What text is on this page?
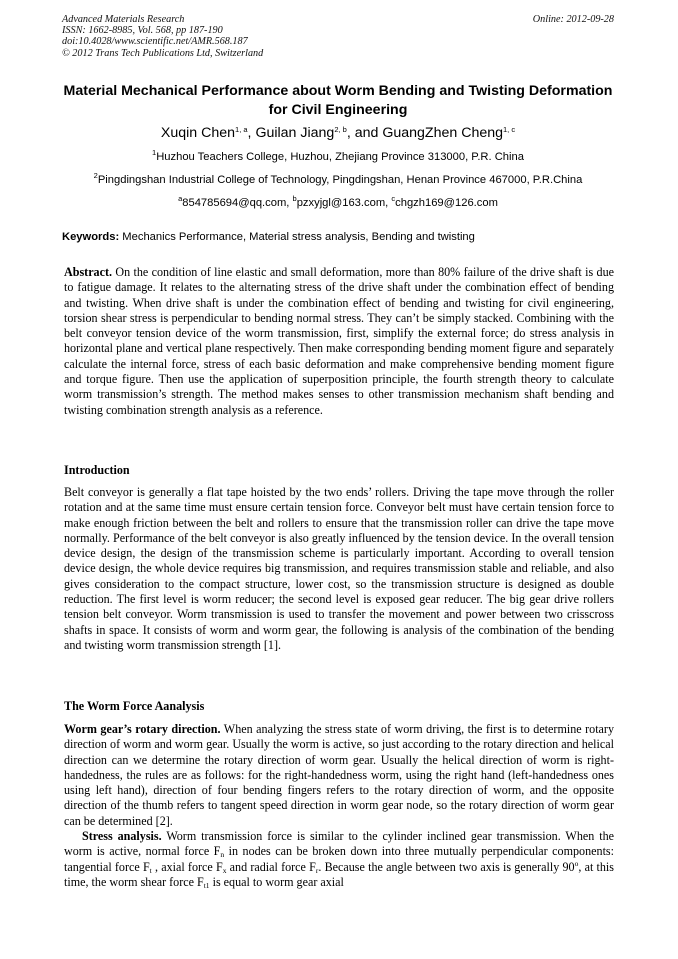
Advanced Materials Research
ISSN: 1662-8985, Vol. 568, pp 187-190
doi:10.4028/www.scientific.net/AMR.568.187
© 2012 Trans Tech Publications Ltd, Switzerland
Online: 2012-09-28
Material Mechanical Performance about Worm Bending and Twisting Deformation for Civil Engineering
Xuqin Chen$^{1, a}$, Guilan Jiang$^{2, b}$, and GuangZhen Cheng$^{1, c}$
$^1$Huzhou Teachers College, Huzhou, Zhejiang Province 313000, P.R. China
$^2$Pingdingshan Industrial College of Technology, Pingdingshan, Henan Province 467000, P.R.China
$^a$854785694@qq.com, $^b$pzxyjgl@163.com, $^c$chgzh169@126.com
Keywords: Mechanics Performance, Material stress analysis, Bending and twisting

Abstract. On the condition of line elastic and small deformation, more than 80% failure of the drive shaft is due to fatigue damage. It relates to the alternating stress of the drive shaft under the combination effect of bending and twisting. When drive shaft is under the combination effect of bending and twisting for civil engineering, torsion shear stress is perpendicular to bending normal stress. They can’t be simply stacked. Combining with the belt conveyor tension device of the worm transmission, first, simplify the external force; do stress analysis in horizontal plane and vertical plane respectively. Then make corresponding bending moment figure and separately calculate the internal force, stress of each basic deformation and make comprehensive bending moment figure and torque figure. Then use the application of superposition principle, the fourth strength theory to calculate worm transmission’s strength. The method makes senses to other transmission mechanism shaft bending and twisting combination strength analysis as a reference.

Introduction

Belt conveyor is generally a flat tape hoisted by the two ends’ rollers. Driving the tape move through the roller rotation and at the same time must ensure certain tension force. Conveyor belt must have certain tension force to make enough friction between the belt and rollers to ensure that the transmission roller can drive the tape move normally. Performance of the belt conveyor is also greatly influenced by the tension device. In the overall tension device design, the design of the transmission scheme is particularly important. According to overall tension device design, the whole device requires big transmission, and requires transmission stable and reliable, and also gives consideration to the compact structure, lower cost, so the transmission structure is designed as double reduction. The first level is worm reducer; the second level is exposed gear reducer. The big gear drive rollers tension belt conveyor. Worm transmission is used to transfer the movement and power between two crisscross shafts in space. It consists of worm and worm gear, the following is analysis of the combination of the bending and twisting worm transmission strength [1].

The Worm Force Aanalysis

Worm gear’s rotary direction. When analyzing the stress state of worm driving, the first is to determine rotary direction of worm and worm gear. Usually the worm is active, so just according to the rotary direction and helical direction can we determine the rotary direction of worm gear. Usually the helical direction of worm is right-handedness, the rules are as follows: for the right-handedness worm, using the right hand (left-handedness ones using left hand), direction of four bending fingers refers to the rotary direction of worm, and the opposite direction of the thumb refers to tangent speed direction in worm gear node, so the rotary direction of worm gear can be determined [2].

Stress analysis. Worm transmission force is similar to the cylinder inclined gear transmission. When the worm is active, normal force $F_n$ in nodes can be broken down into three mutually perpendicular components: tangential force $F_t$ , axial force $F_x$ and radial force $F_r$. Because the angle between two axis is generally 90$^o$, at this time, the worm shear force $F_{t1}$ is equal to worm gear axial
